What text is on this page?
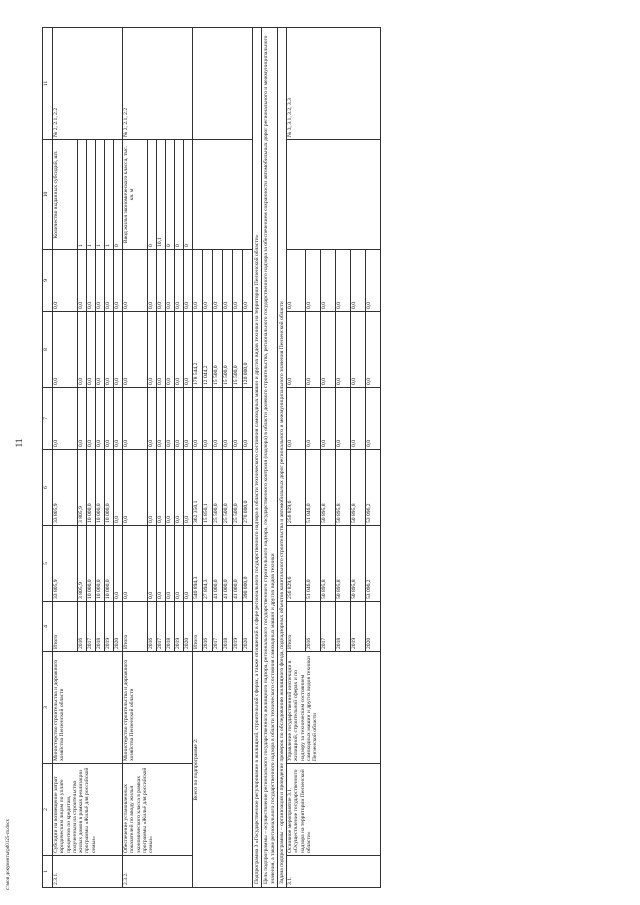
11
c:\мои документы\pd0125-m.docx	1	2	3	4	5	6	7	8	9	10	11
2.3.1.	Субсидии на возмещение затрат юридическим лицам по уплате процентов по кредитам, полученным на строительство жилых домов в рамках реализации программы «Жильё для российской семьи»	Министерство строительства и дорожного хозяйства Пензенской области	Итого	33 805,9	33 805,9	0,0	0,0	0,0	Количество выданных субсидий, шт.	№ 2, 2.1, 2.2
			2016	3 805,9	3 805,9	0,0	0,0	0,0	1	
			2017	10 000,0	10 000,0	0,0	0,0	0,0	1	
			2018	10 000,0	10 000,0	0,0	0,0	0,0	1	
			2019	10 000,0	10 000,0	0,0	0,0	0,0	1	
			2020	0,0	0,0	0,0	0,0	0,0	0	
2.3.2.	Обеспечение установленных показателей по вводу жилья экономического класса в рамках программы «Жильё для российской семьи»	Министерство строительства и дорожного хозяйства Пензенской области	Итого	0,0	0,0	0,0	0,0	0,0	Ввод жилья экономического класса, тыс. кв. м	№ 2, 2.1, 2.2
			2016	0,0	0,0	0,0	0,0	0,0	0	
			2017	0,0	0,0	0,0	0,0	0,0	10,1	
			2018	0,0	0,0	0,0	0,0	0,0	0	
			2019	0,0	0,0	0,0	0,0	0,0	0	
			2020	0,0	0,0	0,0	0,0	0,0	0	
Всего по подпрограмме 2:			Итого	540 894,3	362 350,1	0,0	178 544,2	0,0		
			2016	27 894,3	15 850,1	0,0	12 044,2	0,0		
			2017	41 000,0	25 500,0	0,0	15 500,0	0,0		
			2018	41 000,0	25 500,0	0,0	15 500,0	0,0		
			2019	41 000,0	25 500,0	0,0	15 500,0	0,0		
			2020	390 000,0	270 000,0	0,0	120 000,0	0,0		
Подпрограмма 3 «Государственное регулирование в жилищной, строительной сферах, а также отношений в сфере регионального государственного надзора в области технического состояния самоходных машин и других видов техники на территории Пензенской области»										
Цель подпрограммы – осуществление регионального государственного жилищного надзора, регионального государственного строительного надзора, государственного контроля (надзора) в области долевого строительства, регионального государственного надзора за обеспечением сохранности автомобильных дорог регионального и межмуниципального значения, а также регионального государственного надзора в области технического состояния самоходных машин и других видов техники										
Задача подпрограммы – организация и проведение проверок по обследованию жилищного фонда, поднадзорных объектов капитального строительства и автомобильных дорог регионального и межмуниципального значения Пензенской области										
3.1.	Основное мероприятие 3.1. «Осуществление государственного надзора на территории Пензенской области»	Управление государственной инспекции в жилищной, строительной сферах и по надзору за техническим состоянием самоходных машин и других видов техники Пензенской области	Итого	256 829,6	256 829,6	0,0	0,0	0,0		№ 3, 3.1, 3.2, 3.3
			2016	51 046,0	51 046,0	0,0	0,0	0,0		
			2017	50 895,8	50 895,8	0,0	0,0	0,0		
			2018	50 895,8	50 895,8	0,0	0,0	0,0		
			2019	50 895,8	50 895,8	0,0	0,0	0,0		
			2020	53 096,2	53 096,2	0,0	0,0	0,0		
